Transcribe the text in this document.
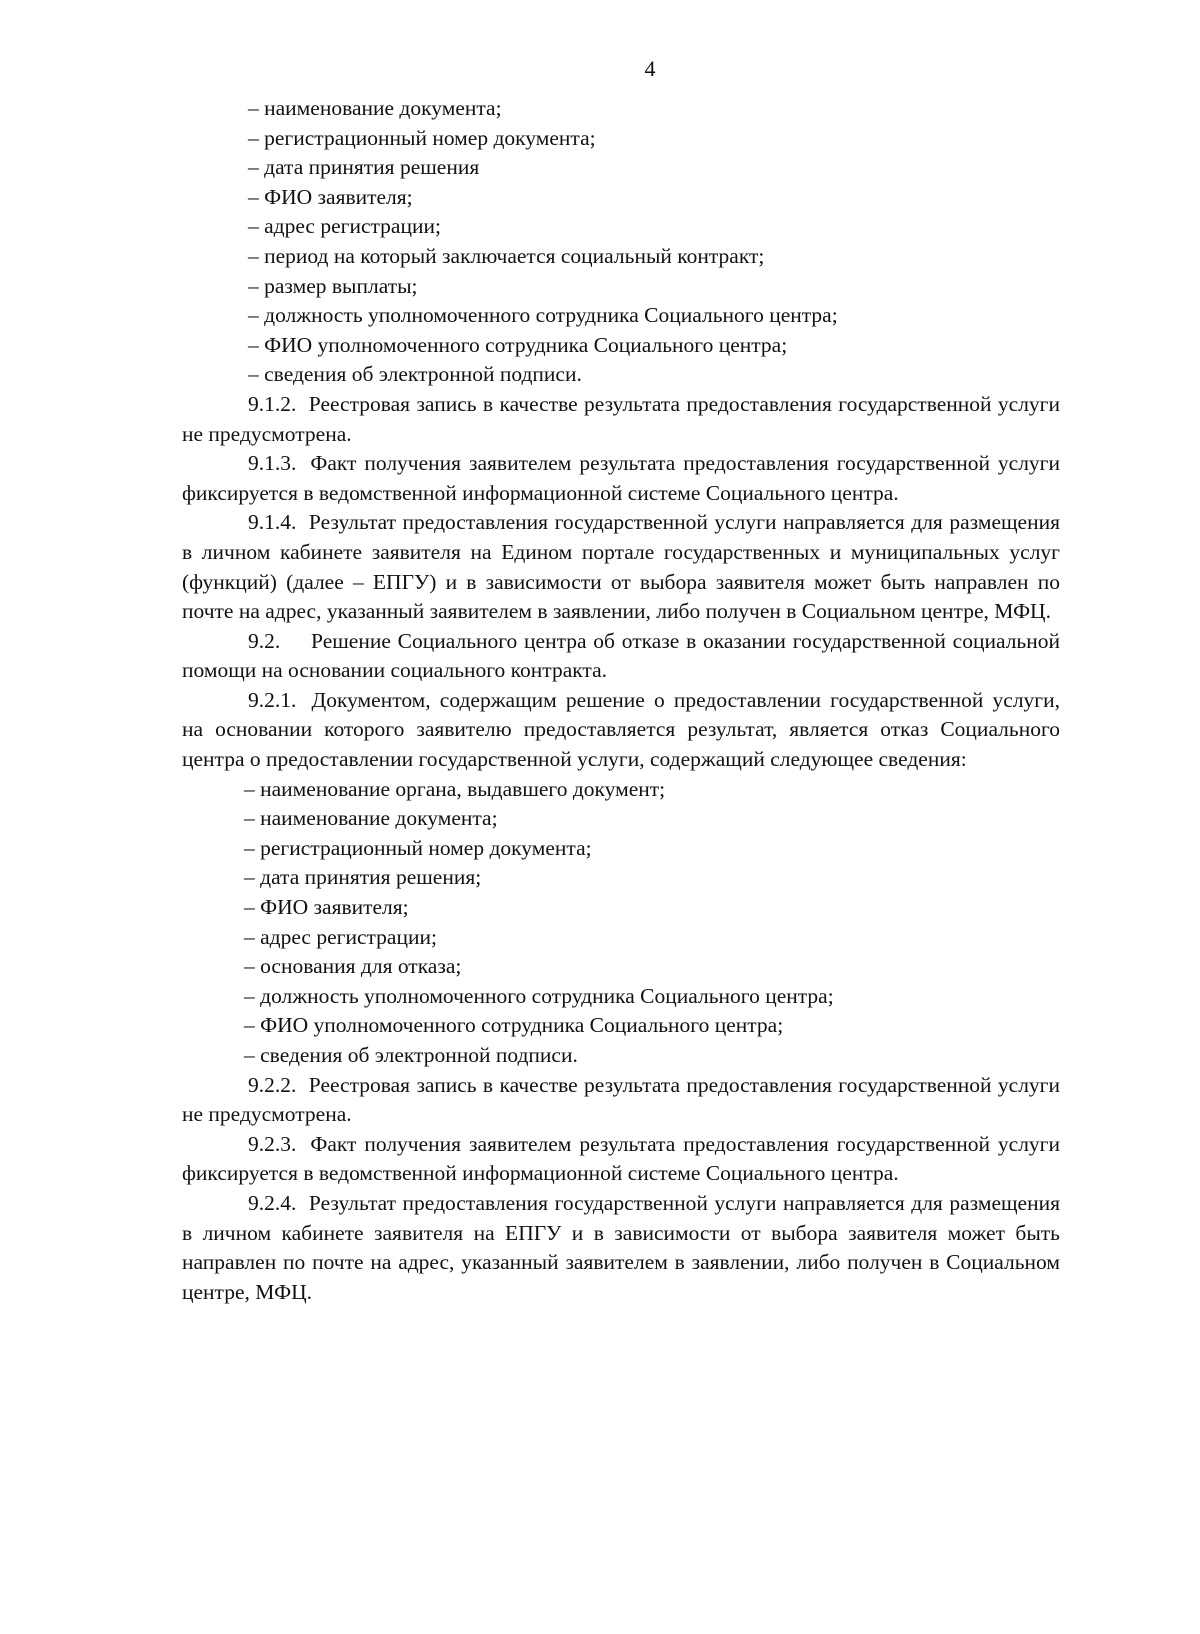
4
– наименование документа;
– регистрационный номер документа;
– дата принятия решения
– ФИО заявителя;
– адрес регистрации;
– период на который заключается социальный контракт;
– размер выплаты;
– должность уполномоченного сотрудника Социального центра;
– ФИО уполномоченного сотрудника Социального центра;
– сведения об электронной подписи.

9.1.2. Реестровая запись в качестве результата предоставления государственной услуги не предусмотрена.

9.1.3. Факт получения заявителем результата предоставления государственной услуги фиксируется в ведомственной информационной системе Социального центра.

9.1.4. Результат предоставления государственной услуги направляется для размещения в личном кабинете заявителя на Едином портале государственных и муниципальных услуг (функций) (далее – ЕПГУ) и в зависимости от выбора заявителя может быть направлен по почте на адрес, указанный заявителем в заявлении, либо получен в Социальном центре, МФЦ.

9.2. Решение Социального центра об отказе в оказании государственной социальной помощи на основании социального контракта.

9.2.1. Документом, содержащим решение о предоставлении государственной услуги, на основании которого заявителю предоставляется результат, является отказ Социального центра о предоставлении государственной услуги, содержащий следующее сведения:

– наименование органа, выдавшего документ;
– наименование документа;
– регистрационный номер документа;
– дата принятия решения;
– ФИО заявителя;
– адрес регистрации;
– основания для отказа;
– должность уполномоченного сотрудника Социального центра;
– ФИО уполномоченного сотрудника Социального центра;
– сведения об электронной подписи.

9.2.2. Реестровая запись в качестве результата предоставления государственной услуги не предусмотрена.

9.2.3. Факт получения заявителем результата предоставления государственной услуги фиксируется в ведомственной информационной системе Социального центра.

9.2.4. Результат предоставления государственной услуги направляется для размещения в личном кабинете заявителя на ЕПГУ и в зависимости от выбора заявителя может быть направлен по почте на адрес, указанный заявителем в заявлении, либо получен в Социальном центре, МФЦ.
